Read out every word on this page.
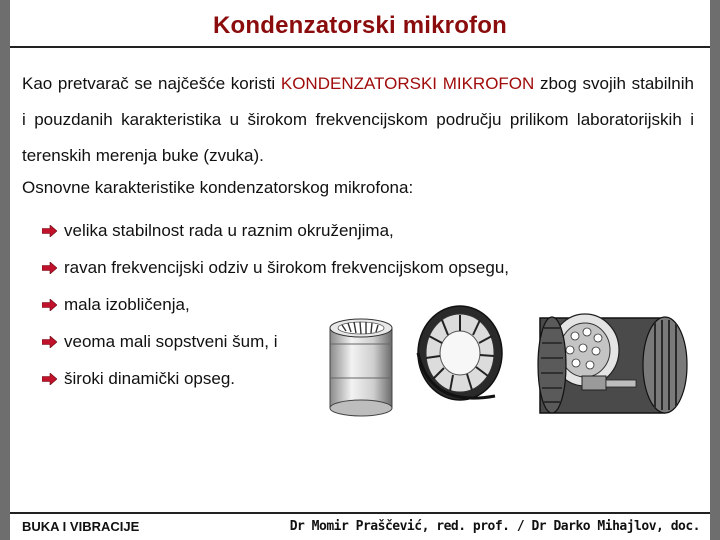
Kondenzatorski mikrofon

Kao pretvarač se najčešće koristi KONDENZATORSKI MIKROFON zbog svojih stabilnih i pouzdanih karakteristika u širokom frekvencijskom području prilikom laboratorijskih i terenskih merenja buke (zvuka).

Osnovne karakteristike kondenzatorskog mikrofona:

velika stabilnost rada u raznim okruženjima,
ravan frekvencijski odziv u širokom frekvencijskom opsegu,
mala izobličenja,
veoma mali sopstveni šum, i
široki dinamički opseg.

BUKA I VIBRACIJE	Dr Momir Praščević, red. prof. / Dr Darko Mihajlov, doc.
